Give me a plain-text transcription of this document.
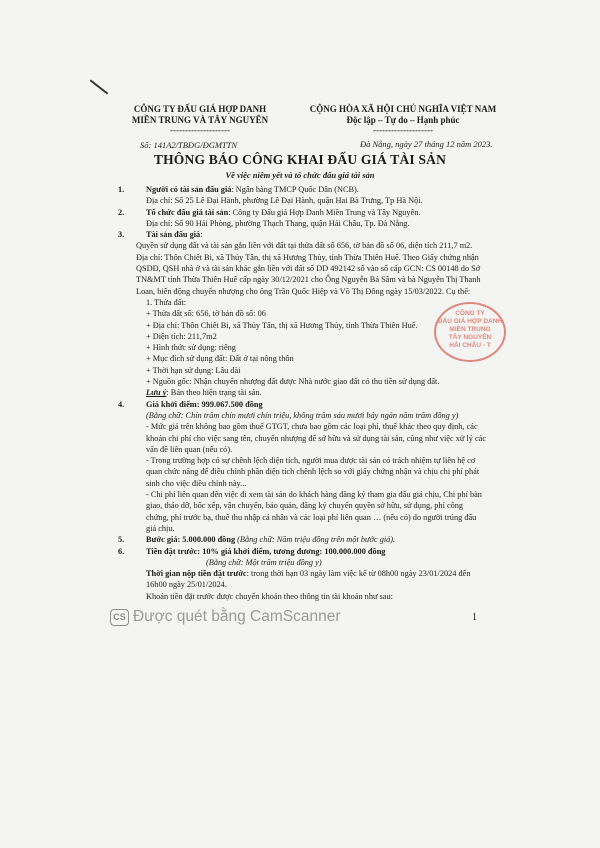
CÔNG TY ĐẤU GIÁ HỢP DANH
MIỀN TRUNG VÀ TÂY NGUYÊN
--------------------
Số: 141A2/TBĐG/ĐGMTTN
CỘNG HÒA XÃ HỘI CHỦ NGHĨA VIỆT NAM
Độc lập – Tự do – Hạnh phúc
--------------------
Đà Nẵng, ngày 27 tháng 12 năm 2023.
THÔNG BÁO CÔNG KHAI ĐẤU GIÁ TÀI SẢN
Về việc niêm yết và tổ chức đấu giá tài sản
1.	Người có tài sản đấu giá: Ngân hàng TMCP Quốc Dân (NCB).

Địa chỉ: Số 25 Lê Đại Hành, phường Lê Đại Hành, quận Hai Bà Trưng, Tp Hà Nội.

2.	Tổ chức đấu giá tài sản: Công ty Đấu giá Hợp Danh Miền Trung và Tây Nguyên.

Địa chỉ: Số 90 Hải Phòng, phường Thạch Thang, quận Hải Châu, Tp. Đà Nẵng.

3.	Tài sản đấu giá:

Quyền sử dụng đất và tài sản gắn liền với đất tại thửa đất số 656, tờ bản đồ số 06, diện tích 211,7 m2. Địa chỉ: Thôn Chiết Bi, xã Thủy Tân, thị xã Hương Thủy, tỉnh Thừa Thiên Huế. Theo Giấy chứng nhận QSDĐ, QSH nhà ở và tài sản khác gắn liền với đất số DD 492142 số vào sổ cấp GCN: CS 00148 do Sở TN&MT tỉnh Thừa Thiên Huế cấp ngày 30/12/2021 cho Ông Nguyễn Bá Sâm và bà Nguyễn Thị Thanh Loan, biến động chuyển nhượng cho ông Trần Quốc Hiệp và Võ Thị Đông ngày 15/03/2022. Cụ thể:

1. Thửa đất:

+ Thửa đất số: 656, tờ bản đồ số: 06

+ Địa chỉ: Thôn Chiết Bi, xã Thủy Tân, thị xã Hương Thủy, tỉnh Thừa Thiên Huế.

+ Diện tích: 211,7m2

+ Hình thức sử dụng: riêng

+ Mục đích sử dụng đất: Đất ở tại nông thôn

+ Thời hạn sử dụng: Lâu dài

+ Nguồn gốc: Nhận chuyển nhượng đất được Nhà nước giao đất có thu tiền sử dụng đất.

Lưu ý: Bán theo hiện trạng tài sản.

4.	Giá khởi điểm: 999.067.500 đồng

(Bằng chữ: Chín trăm chín mươi chín triệu, không trăm sáu mươi bảy ngàn năm trăm đồng y)

- Mức giá trên không bao gồm thuế GTGT, chưa bao gồm các loại phí, thuế khác theo quy định, các khoản chi phí cho việc sang tên, chuyển nhượng để sở hữu và sử dụng tài sản, cũng như việc xử lý các vấn đề liên quan (nếu có).

- Trong trường hợp có sự chênh lệch diện tích, người mua được tài sản có trách nhiệm tự liên hệ cơ quan chức năng để điều chỉnh phần diện tích chênh lệch so với giấy chứng nhận và chịu chi phí phát sinh cho việc điều chỉnh này...

- Chi phí liên quan đến việc đi xem tài sản do khách hàng đăng ký tham gia đấu giá chịu, Chi phí bàn giao, tháo dỡ, bốc xếp, vận chuyển, bảo quản, đăng ký chuyển quyền sở hữu, sử dụng, phí công chứng, phí trước bạ, thuế thu nhập cá nhân và các loại phí liên quan … (nếu có) do người trúng đấu giá chịu.

5.	Bước giá: 5.000.000 đồng (Bằng chữ: Năm triệu đồng trên một bước giá).

6.	Tiền đặt trước: 10% giá khởi điểm, tương đương: 100.000.000 đồng

(Bằng chữ: Một trăm triệu đồng y)

Thời gian nộp tiền đặt trước: trong thời hạn 03 ngày làm việc kể từ 08h00 ngày 23/01/2024 đến 16h00 ngày 25/01/2024.

Khoản tiền đặt trước được chuyển khoản theo thông tin tài khoản như sau:

CÔNG TY
ĐẤU GIÁ HỢP DANH
MIỀN TRUNG
TÂY NGUYÊN
HẢI CHÂU - T
CS Được quét bằng CamScanner	1
